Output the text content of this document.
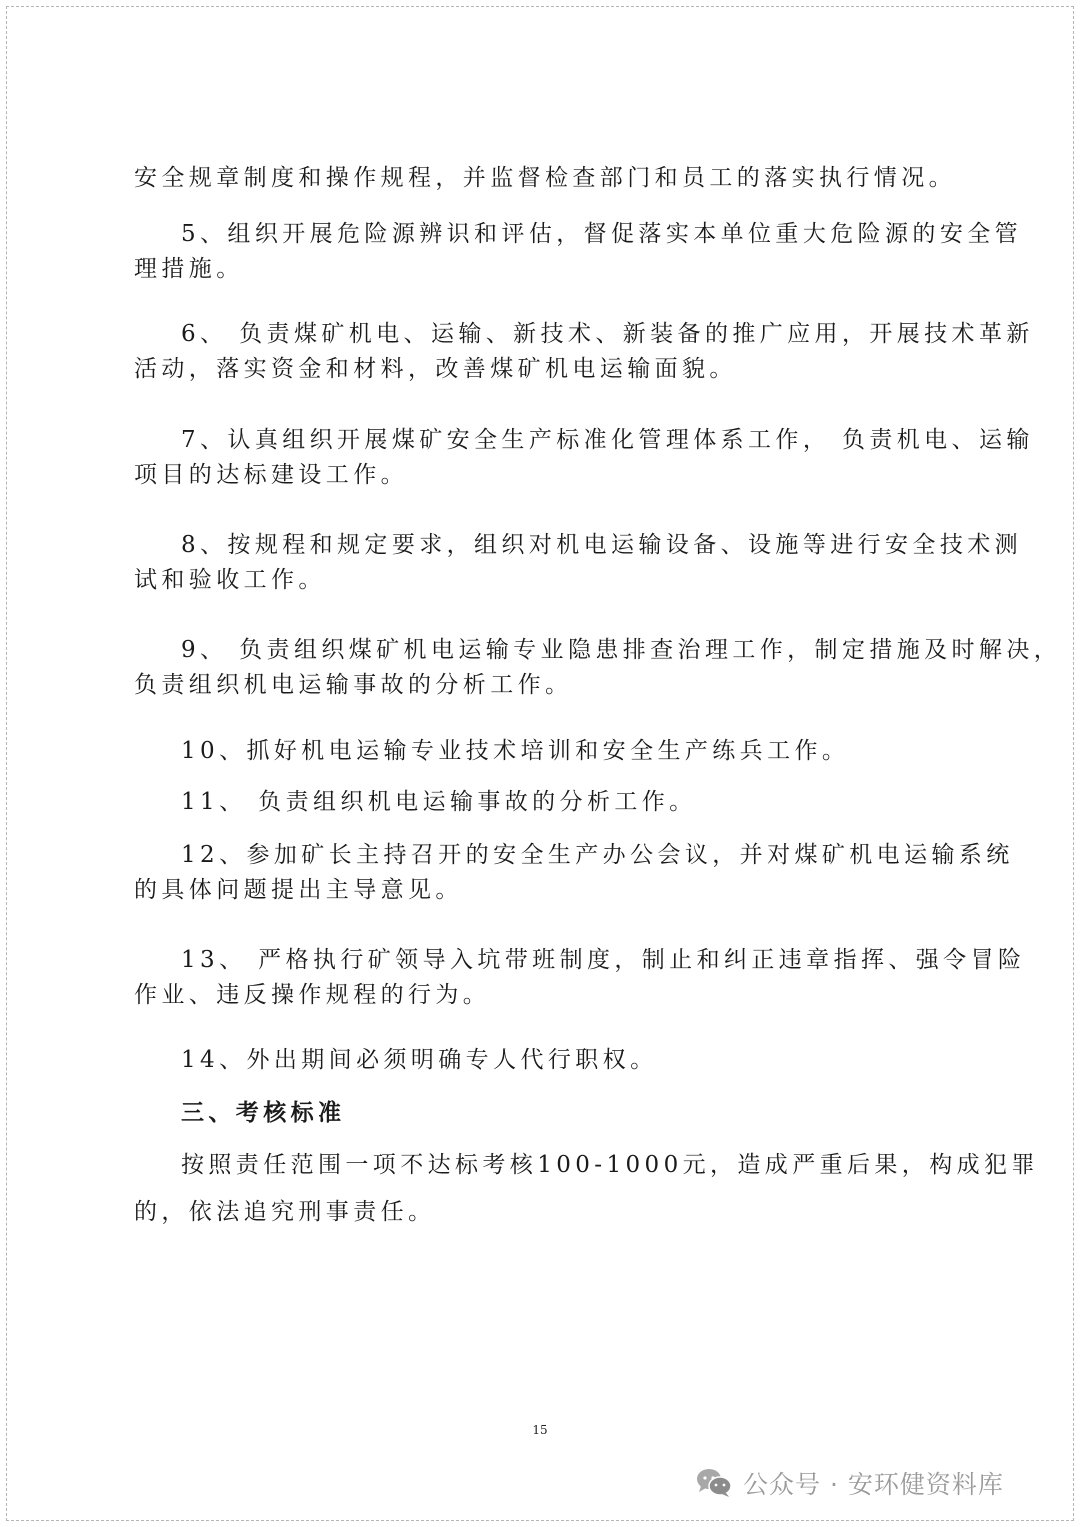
安全规章制度和操作规程，并监督检查部门和员工的落实执行情况。
5、组织开展危险源辨识和评估，督促落实本单位重大危险源的安全管
理措施。
6、 负责煤矿机电、运输、新技术、新装备的推广应用，开展技术革新
活动，落实资金和材料，改善煤矿机电运输面貌。
7、认真组织开展煤矿安全生产标准化管理体系工作， 负责机电、运输
项目的达标建设工作。
8、按规程和规定要求，组织对机电运输设备、设施等进行安全技术测
试和验收工作。
9、 负责组织煤矿机电运输专业隐患排查治理工作，制定措施及时解决，
负责组织机电运输事故的分析工作。
10、抓好机电运输专业技术培训和安全生产练兵工作。
11、 负责组织机电运输事故的分析工作。
12、参加矿长主持召开的安全生产办公会议，并对煤矿机电运输系统
的具体问题提出主导意见。
13、 严格执行矿领导入坑带班制度，制止和纠正违章指挥、强令冒险
作业、违反操作规程的行为。
14、外出期间必须明确专人代行职权。
三、考核标准
按照责任范围一项不达标考核100-1000元，造成严重后果，构成犯罪
的，依法追究刑事责任。
15
公众号 · 安环健资料库
